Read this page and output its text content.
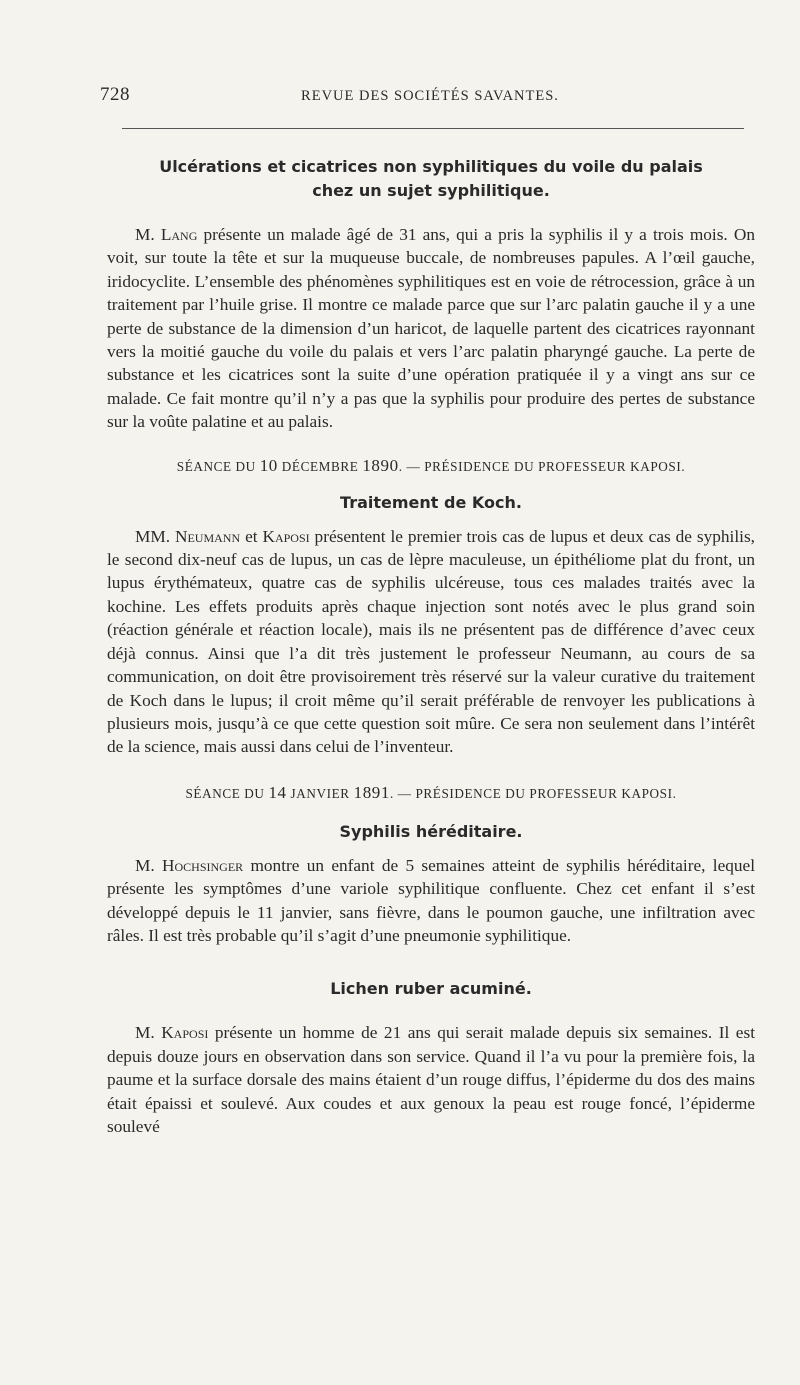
728	REVUE DES SOCIÉTÉS SAVANTES.
Ulcérations et cicatrices non syphilitiques du voile du palais
chez un sujet syphilitique.

M. Lang présente un malade âgé de 31 ans, qui a pris la syphilis il y a trois mois. On voit, sur toute la tête et sur la muqueuse buccale, de nombreuses papules. A l’œil gauche, iridocyclite. L’ensemble des phénomènes syphilitiques est en voie de rétrocession, grâce à un traitement par l’huile grise. Il montre ce malade parce que sur l’arc palatin gauche il y a une perte de substance de la dimension d’un haricot, de laquelle partent des cicatrices rayonnant vers la moitié gauche du voile du palais et vers l’arc palatin pharyngé gauche. La perte de substance et les cicatrices sont la suite d’une opération pratiquée il y a vingt ans sur ce malade. Ce fait montre qu’il n’y a pas que la syphilis pour produire des pertes de substance sur la voûte palatine et au palais.

SÉANCE DU 10 DÉCEMBRE 1890. — PRÉSIDENCE DU PROFESSEUR KAPOSI.

Traitement de Koch.

MM. Neumann et Kaposi présentent le premier trois cas de lupus et deux cas de syphilis, le second dix-neuf cas de lupus, un cas de lèpre maculeuse, un épithéliome plat du front, un lupus érythémateux, quatre cas de syphilis ulcéreuse, tous ces malades traités avec la kochine. Les effets produits après chaque injection sont notés avec le plus grand soin (réaction générale et réaction locale), mais ils ne présentent pas de différence d’avec ceux déjà connus. Ainsi que l’a dit très justement le professeur Neumann, au cours de sa communication, on doit être provisoirement très réservé sur la valeur curative du traitement de Koch dans le lupus; il croit même qu’il serait préférable de renvoyer les publications à plusieurs mois, jusqu’à ce que cette question soit mûre. Ce sera non seulement dans l’intérêt de la science, mais aussi dans celui de l’inventeur.

SÉANCE DU 14 JANVIER 1891. — PRÉSIDENCE DU PROFESSEUR KAPOSI.

Syphilis héréditaire.

M. Hochsinger montre un enfant de 5 semaines atteint de syphilis héréditaire, lequel présente les symptômes d’une variole syphilitique confluente. Chez cet enfant il s’est développé depuis le 11 janvier, sans fièvre, dans le poumon gauche, une infiltration avec râles. Il est très probable qu’il s’agit d’une pneumonie syphilitique.

Lichen ruber acuminé.

M. Kaposi présente un homme de 21 ans qui serait malade depuis six semaines. Il est depuis douze jours en observation dans son service. Quand il l’a vu pour la première fois, la paume et la surface dorsale des mains étaient d’un rouge diffus, l’épiderme du dos des mains était épaissi et soulevé. Aux coudes et aux genoux la peau est rouge foncé, l’épiderme soulevé
